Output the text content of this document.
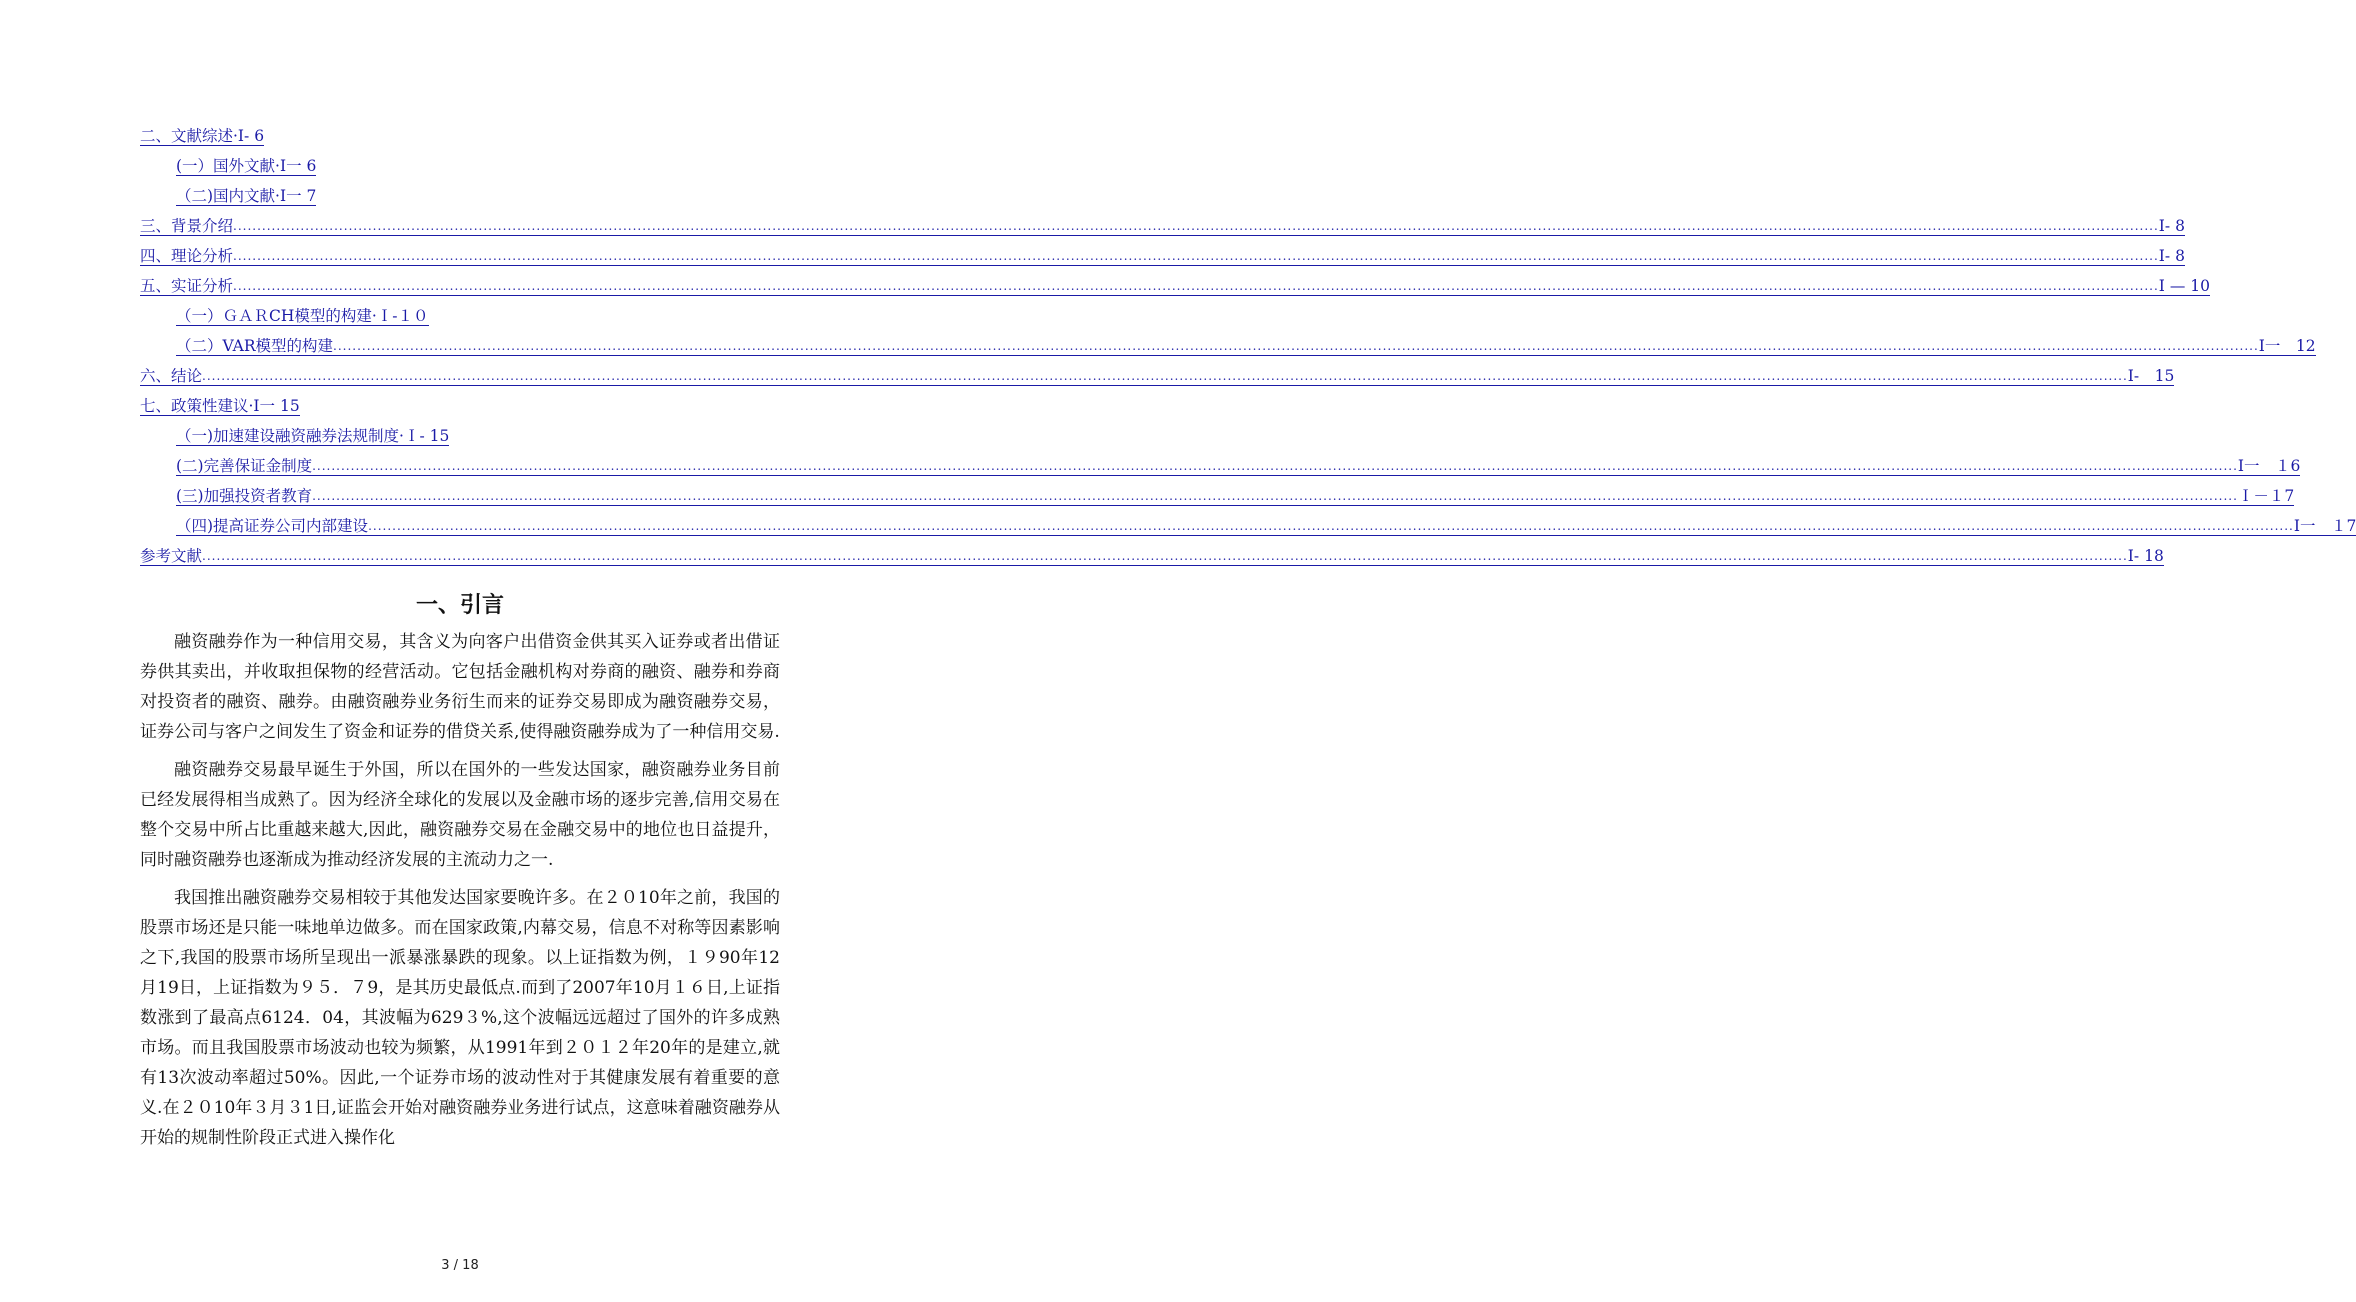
二、文献综述·I- 6
(一）国外文献·I一 6
（二)国内文献·I一 7
三、背景介绍 ................................................................................................................................................................................................................................................................................................................................................................................................................ I- 8
四、理论分析 ................................................................................................................................................................................................................................................................................................................................................................................................................ I- 8
五、实证分析 ................................................................................................................................................................................................................................................................................................................................................................................................................ I — 10
（一）ＧＡＲCH模型的构建·Ｉ-１０
（二）VAR模型的构建 ................................................................................................................................................................................................................................................................................................................................................................................................................ I一　12
六、结论 ................................................................................................................................................................................................................................................................................................................................................................................................................ I-　15
七、政策性建议·I一 15
（一)加速建设融资融券法规制度·Ｉ- 15
(二)完善保证金制度 ................................................................................................................................................................................................................................................................................................................................................................................................................ I一　１6
(三)加强投资者教育 ................................................................................................................................................................................................................................................................................................................................................................................................................ Ｉ－１7
（四)提高证券公司内部建设 ................................................................................................................................................................................................................................................................................................................................................................................................................ I一　１7
参考文献 ................................................................................................................................................................................................................................................................................................................................................................................................................ I- 18
一、引言

融资融券作为一种信用交易，其含义为向客户出借资金供其买入证券或者出借证券供其卖出，并收取担保物的经营活动。它包括金融机构对券商的融资、融券和券商对投资者的融资、融券。由融资融券业务衍生而来的证券交易即成为融资融券交易，证券公司与客户之间发生了资金和证券的借贷关系,使得融资融券成为了一种信用交易.

融资融券交易最早诞生于外国，所以在国外的一些发达国家，融资融券业务目前已经发展得相当成熟了。因为经济全球化的发展以及金融市场的逐步完善,信用交易在整个交易中所占比重越来越大,因此，融资融券交易在金融交易中的地位也日益提升，同时融资融券也逐渐成为推动经济发展的主流动力之一.

我国推出融资融券交易相较于其他发达国家要晚许多。在２０10年之前，我国的股票市场还是只能一味地单边做多。而在国家政策,内幕交易，信息不对称等因素影响之下,我国的股票市场所呈现出一派暴涨暴跌的现象。以上证指数为例，１９90年12月19日，上证指数为９５．７9，是其历史最低点.而到了2007年10月１６日,上证指数涨到了最高点6124．04，其波幅为629３%,这个波幅远远超过了国外的许多成熟市场。而且我国股票市场波动也较为频繁，从1991年到２０１２年20年的是建立,就有13次波动率超过50%。因此,一个证券市场的波动性对于其健康发展有着重要的意义.在２０10年３月３1日,证监会开始对融资融券业务进行试点，这意味着融资融券从开始的规制性阶段正式进入操作化

3 / 18
